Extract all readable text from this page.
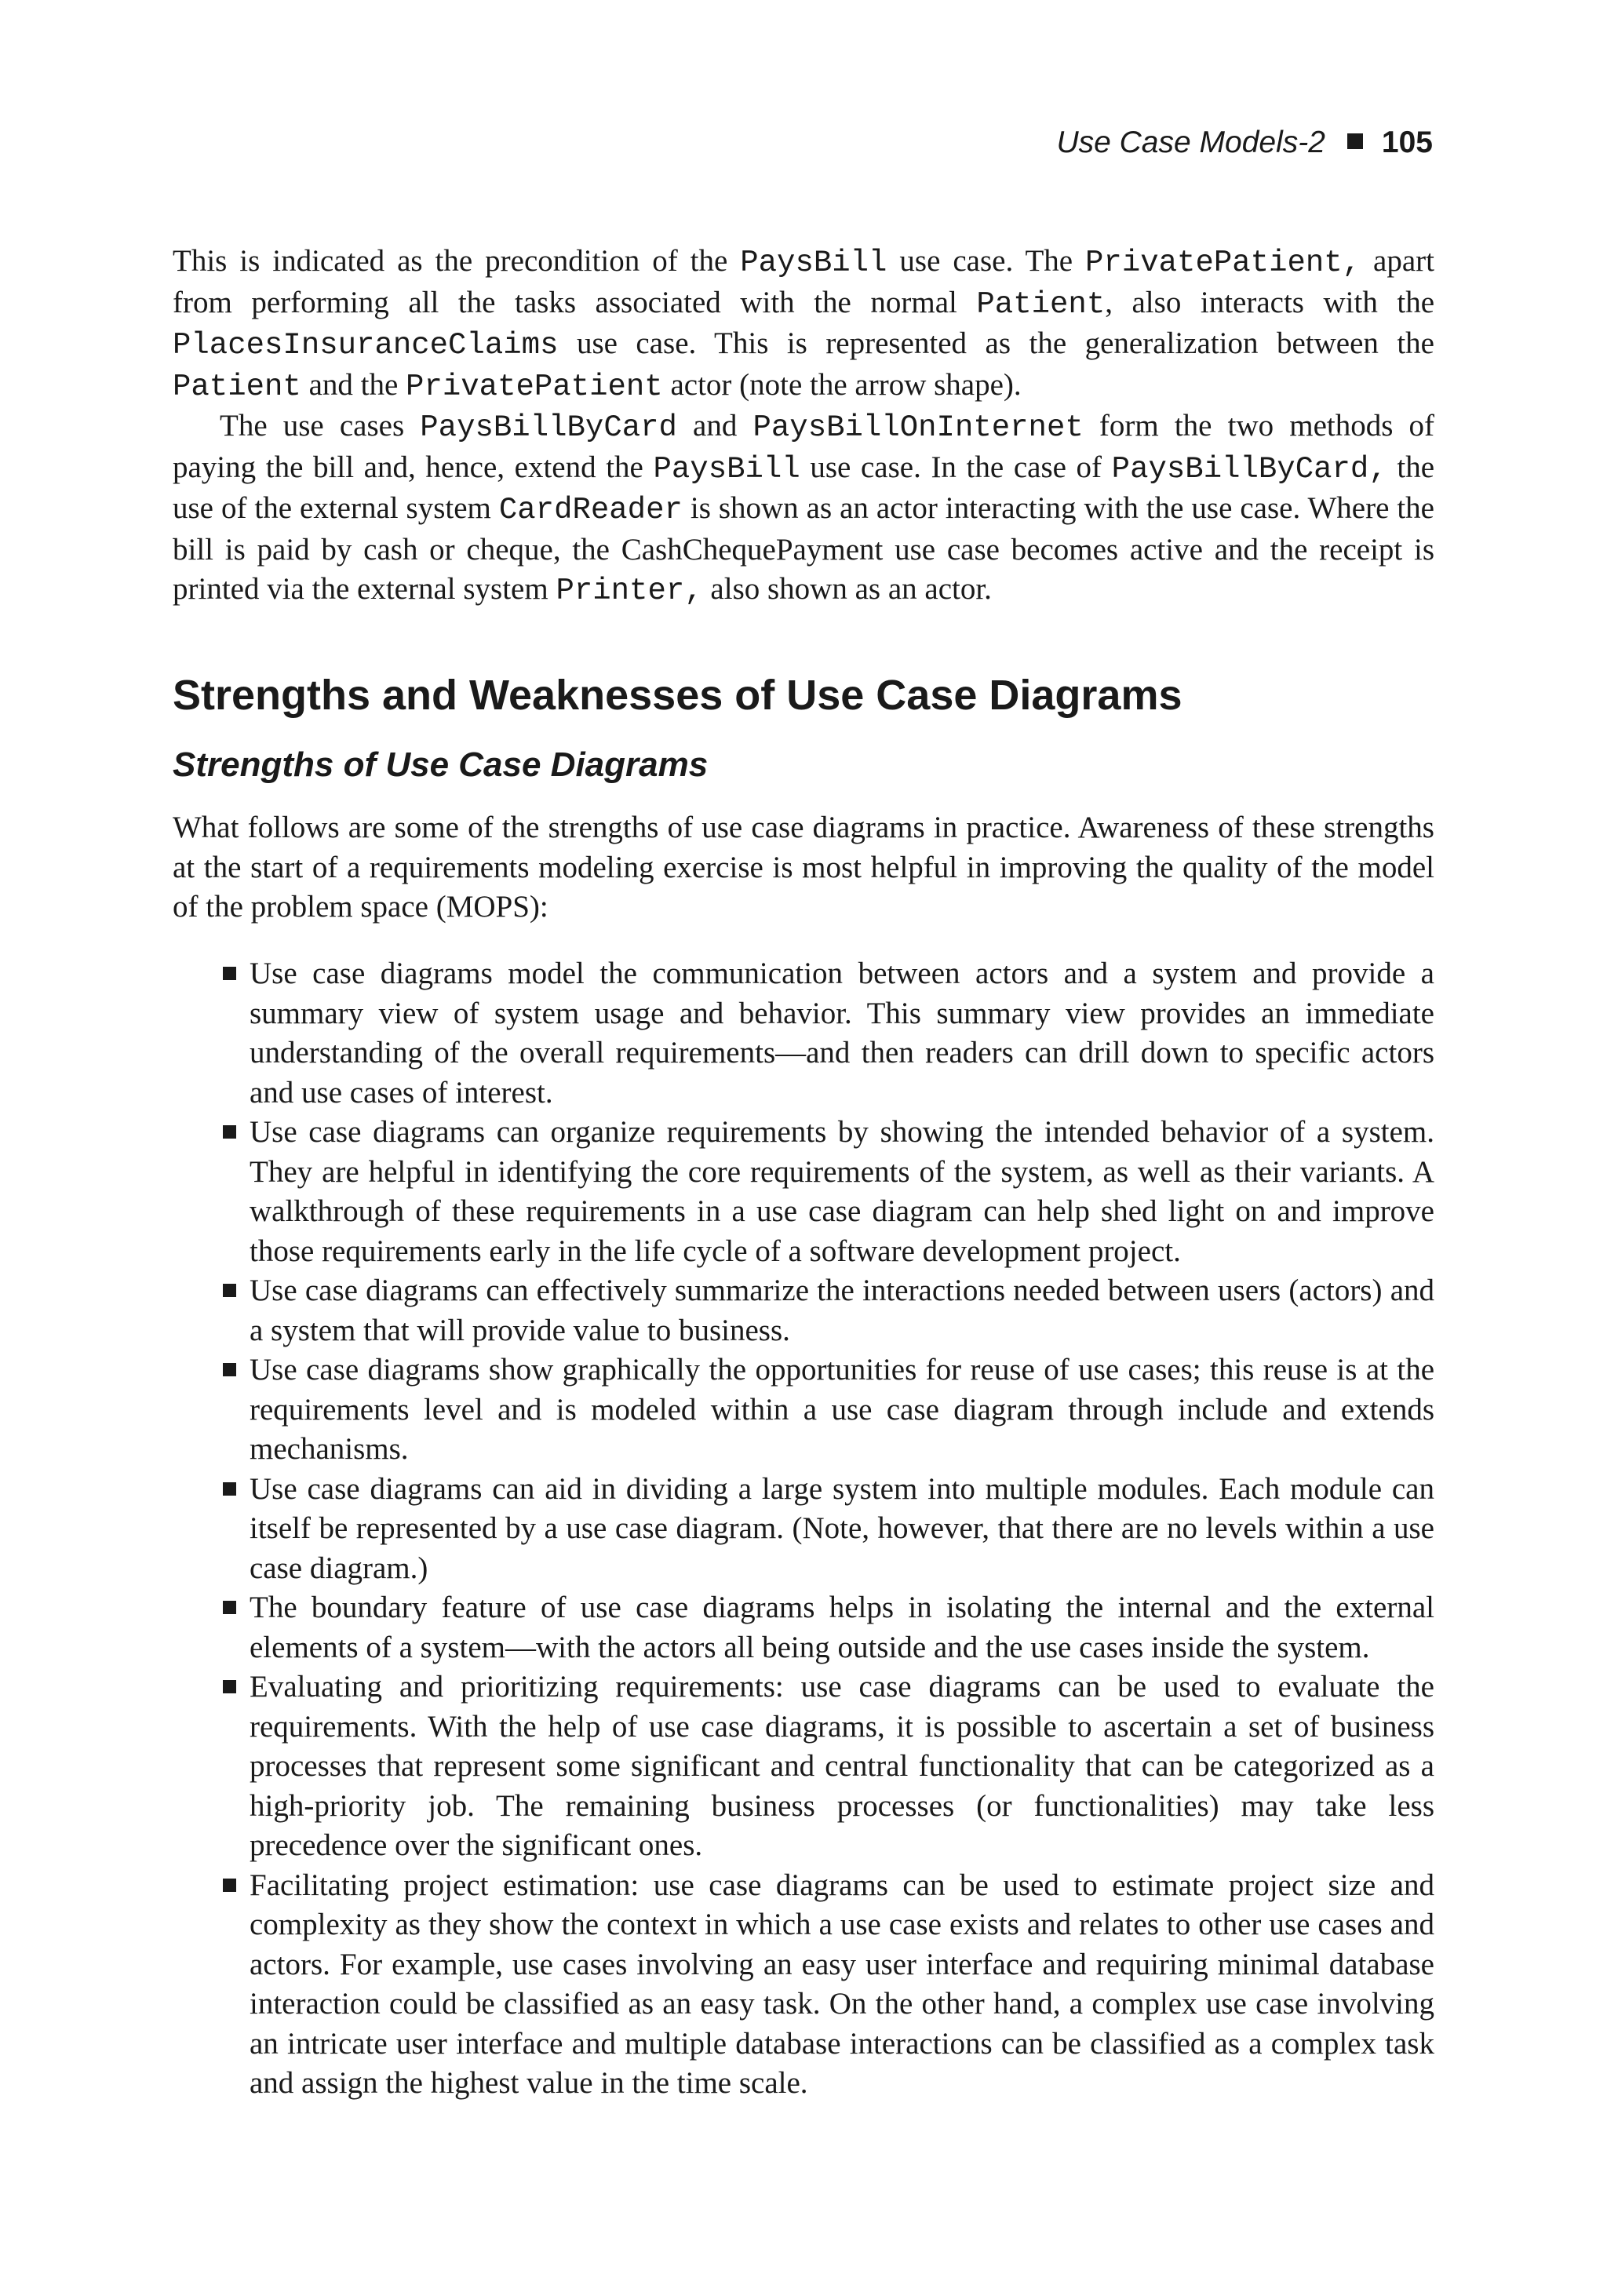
Use Case Models-2 105

This is indicated as the precondition of the PaysBill use case. The PrivatePatient, apart from performing all the tasks associated with the normal Patient, also interacts with the PlacesInsuranceClaims use case. This is represented as the generalization between the Patient and the PrivatePatient actor (note the arrow shape).

The use cases PaysBillByCard and PaysBillOnInternet form the two methods of paying the bill and, hence, extend the PaysBill use case. In the case of PaysBillByCard, the use of the external system CardReader is shown as an actor interacting with the use case. Where the bill is paid by cash or cheque, the CashChequePayment use case becomes active and the receipt is printed via the external system Printer, also shown as an actor.

Strengths and Weaknesses of Use Case Diagrams
Strengths of Use Case Diagrams

What follows are some of the strengths of use case diagrams in practice. Awareness of these strengths at the start of a requirements modeling exercise is most helpful in improving the quality of the model of the problem space (MOPS):

Use case diagrams model the communication between actors and a system and provide a summary view of system usage and behavior. This summary view provides an immediate understanding of the overall requirements—and then readers can drill down to specific actors and use cases of interest.
Use case diagrams can organize requirements by showing the intended behavior of a system. They are helpful in identifying the core requirements of the system, as well as their variants. A walkthrough of these requirements in a use case diagram can help shed light on and improve those requirements early in the life cycle of a software development project.
Use case diagrams can effectively summarize the interactions needed between users (actors) and a system that will provide value to business.
Use case diagrams show graphically the opportunities for reuse of use cases; this reuse is at the requirements level and is modeled within a use case diagram through include and extends mechanisms.
Use case diagrams can aid in dividing a large system into multiple modules. Each module can itself be represented by a use case diagram. (Note, however, that there are no levels within a use case diagram.)
The boundary feature of use case diagrams helps in isolating the internal and the external elements of a system—with the actors all being outside and the use cases inside the system.
Evaluating and prioritizing requirements: use case diagrams can be used to evaluate the requirements. With the help of use case diagrams, it is possible to ascertain a set of business processes that represent some significant and central functionality that can be categorized as a high-priority job. The remaining business processes (or functionalities) may take less precedence over the significant ones.
Facilitating project estimation: use case diagrams can be used to estimate project size and complexity as they show the context in which a use case exists and relates to other use cases and actors. For example, use cases involving an easy user interface and requiring minimal database interaction could be classified as an easy task. On the other hand, a complex use case involving an intricate user interface and multiple database interactions can be classified as a complex task and assign the highest value in the time scale.
